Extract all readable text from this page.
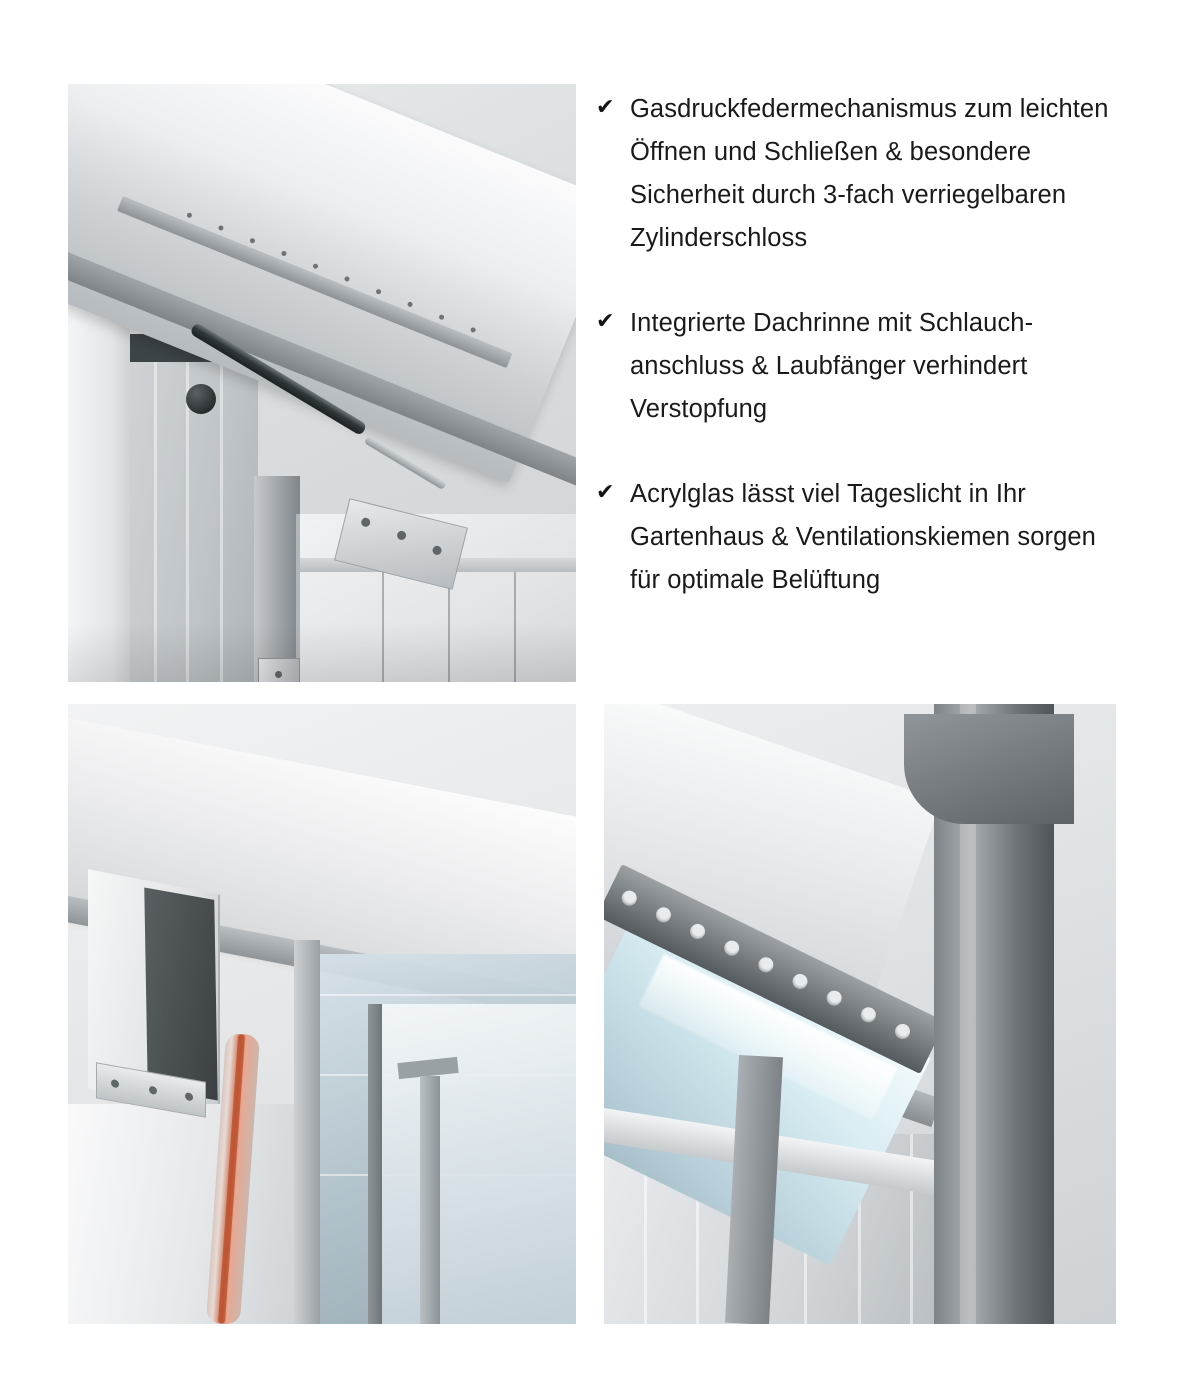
✔ Gasdruckfedermechanismus zum leichten Öffnen und Schließen & besondere Sicherheit durch 3-fach verriegelbaren Zylinderschloss
✔ Integrierte Dachrinne mit Schlauch-anschluss & Laubfänger verhindert Verstopfung
✔ Acrylglas lässt viel Tageslicht in Ihr Gartenhaus & Ventilationskiemen sorgen für optimale Belüftung
